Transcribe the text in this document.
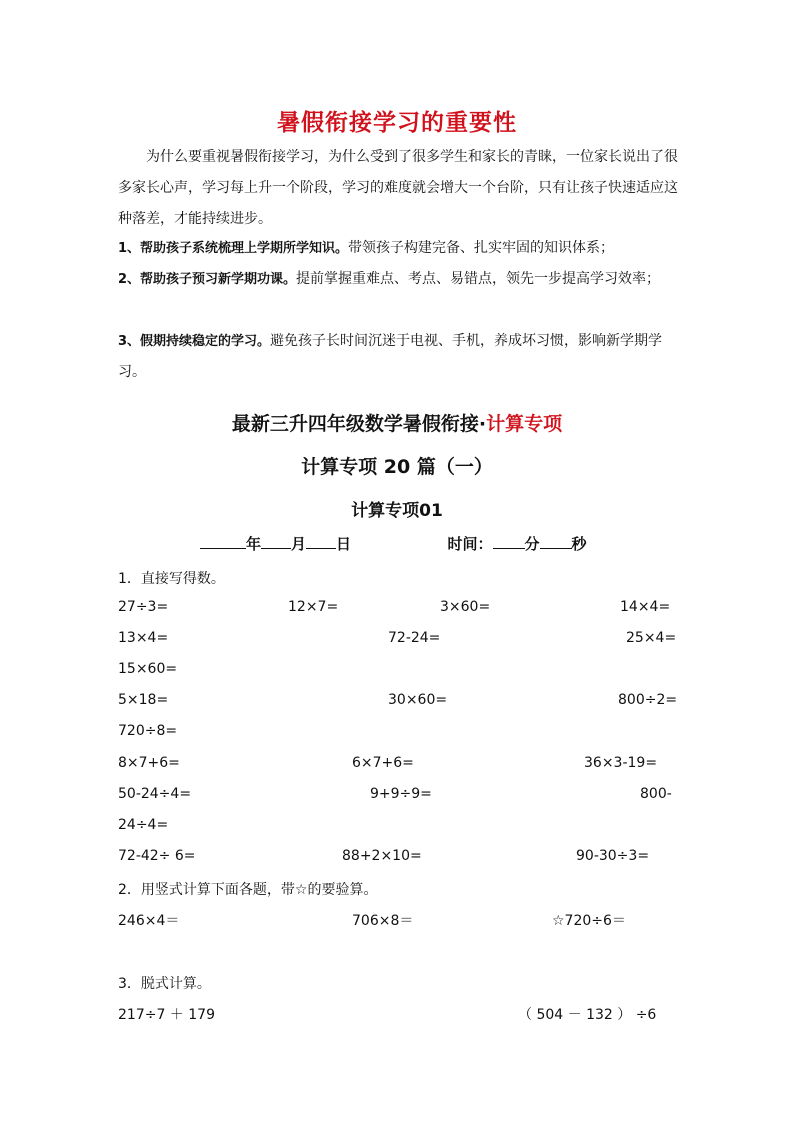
暑假衔接学习的重要性
为什么要重视暑假衔接学习，为什么受到了很多学生和家长的青睐，一位家长说出了很多家长心声，学习每上升一个阶段，学习的难度就会增大一个台阶，只有让孩子快速适应这种落差，才能持续进步。
1、帮助孩子系统梳理上学期所学知识。带领孩子构建完备、扎实牢固的知识体系；
2、帮助孩子预习新学期功课。提前掌握重难点、考点、易错点，领先一步提高学习效率；
3、假期持续稳定的学习。避免孩子长时间沉迷于电视、手机，养成坏习惯，影响新学期学习。
最新三升四年级数学暑假衔接·计算专项
计算专项 20 篇（一）
计算专项01
年 月 日	时间： 分 秒
1．直接写得数。
27÷3=	12×7=	3×60=	14×4=
13×4=	72-24=	25×4=
15×60=
5×18=	30×60=	800÷2=
720÷8=
8×7+6=	6×7+6=	36×3-19=
50-24÷4=	9+9÷9=	800-
24÷4=
72-42÷ 6=	88+2×10=	90-30÷3=
2．用竖式计算下面各题，带☆的要验算。
246×4＝	706×8＝	☆720÷6＝
3．脱式计算。
217÷7 ＋ 179	（ 504 － 132 ） ÷6
